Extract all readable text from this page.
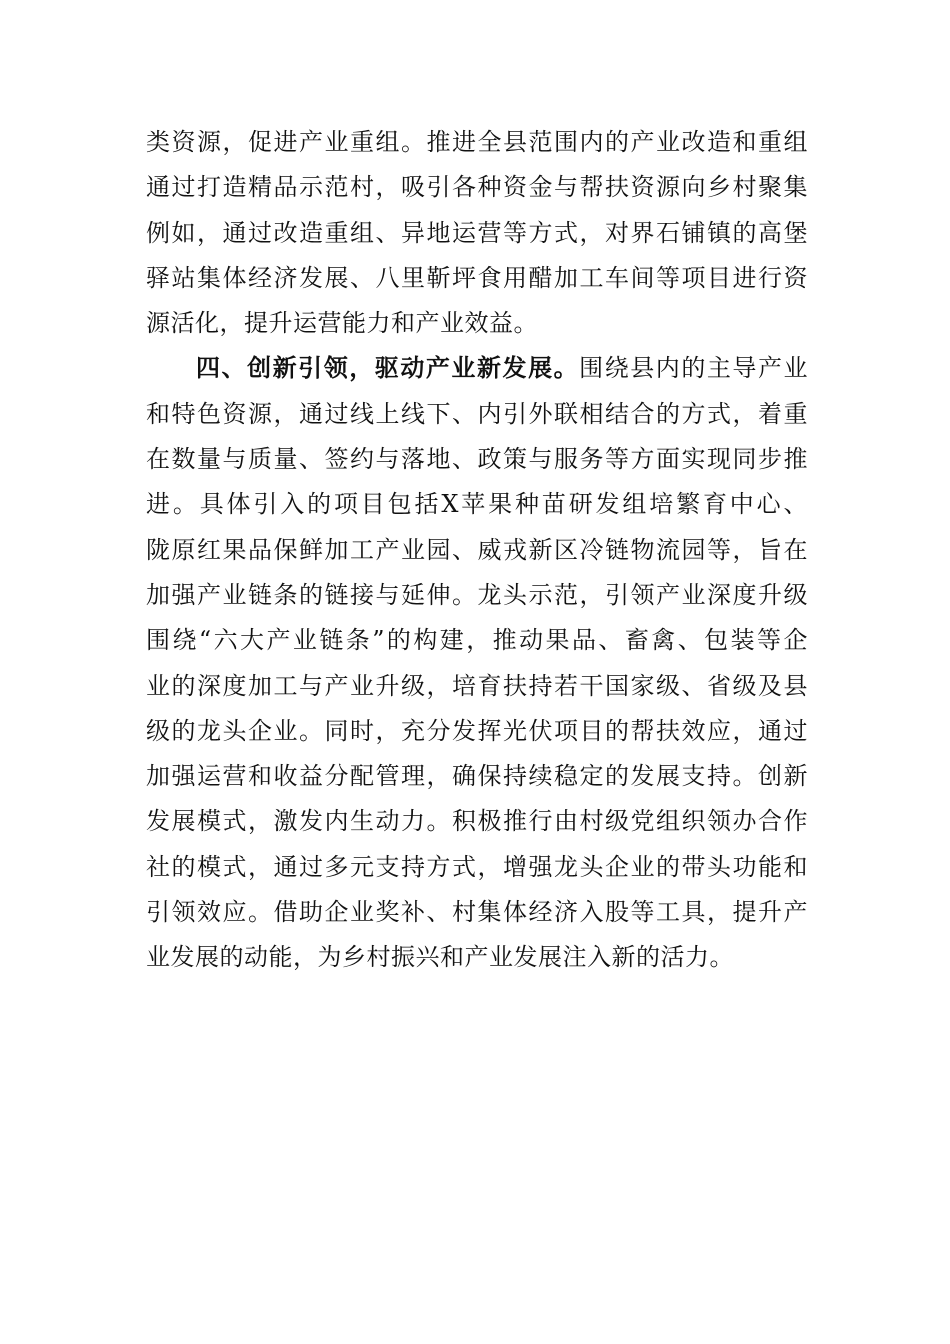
类资源，促进产业重组。推进全县范围内的产业改造和重组
通过打造精品示范村，吸引各种资金与帮扶资源向乡村聚集
例如，通过改造重组、异地运营等方式，对界石铺镇的高堡
驿站集体经济发展、八里靳坪食用醋加工车间等项目进行资
源活化，提升运营能力和产业效益。
四、创新引领，驱动产业新发展。围绕县内的主导产业
和特色资源，通过线上线下、内引外联相结合的方式，着重
在数量与质量、签约与落地、政策与服务等方面实现同步推
进。具体引入的项目包括X苹果种苗研发组培繁育中心、
陇原红果品保鲜加工产业园、威戎新区冷链物流园等，旨在
加强产业链条的链接与延伸。龙头示范，引领产业深度升级
围绕“六大产业链条”的构建，推动果品、畜禽、包装等企
业的深度加工与产业升级，培育扶持若干国家级、省级及县
级的龙头企业。同时，充分发挥光伏项目的帮扶效应，通过
加强运营和收益分配管理，确保持续稳定的发展支持。创新
发展模式，激发内生动力。积极推行由村级党组织领办合作
社的模式，通过多元支持方式，增强龙头企业的带头功能和
引领效应。借助企业奖补、村集体经济入股等工具，提升产
业发展的动能，为乡村振兴和产业发展注入新的活力。
